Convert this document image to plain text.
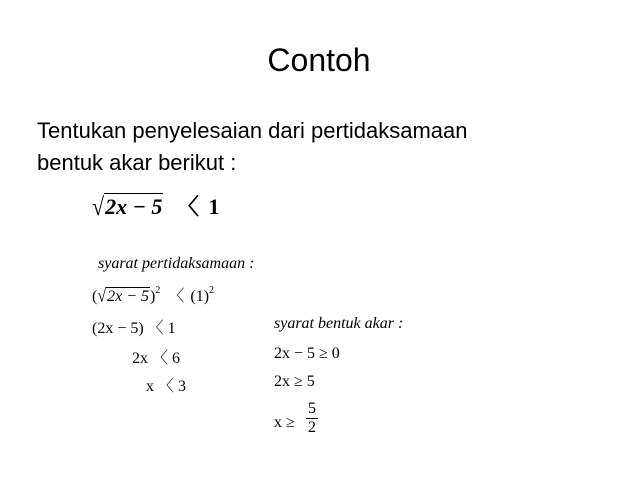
Contoh
Tentukan penyelesaian dari pertidaksamaan
bentuk akar berikut :
√2x − 5 〈 1
syarat pertidaksamaan :
$(√2x - 5)^2$ 〈 $(1)^2$
(2x − 5) 〈 1
2x 〈 6
x 〈 3
syarat bentuk akar :
2x − 5 ≥ 0
2x ≥ 5
$x \ge \frac{5}{2}$
